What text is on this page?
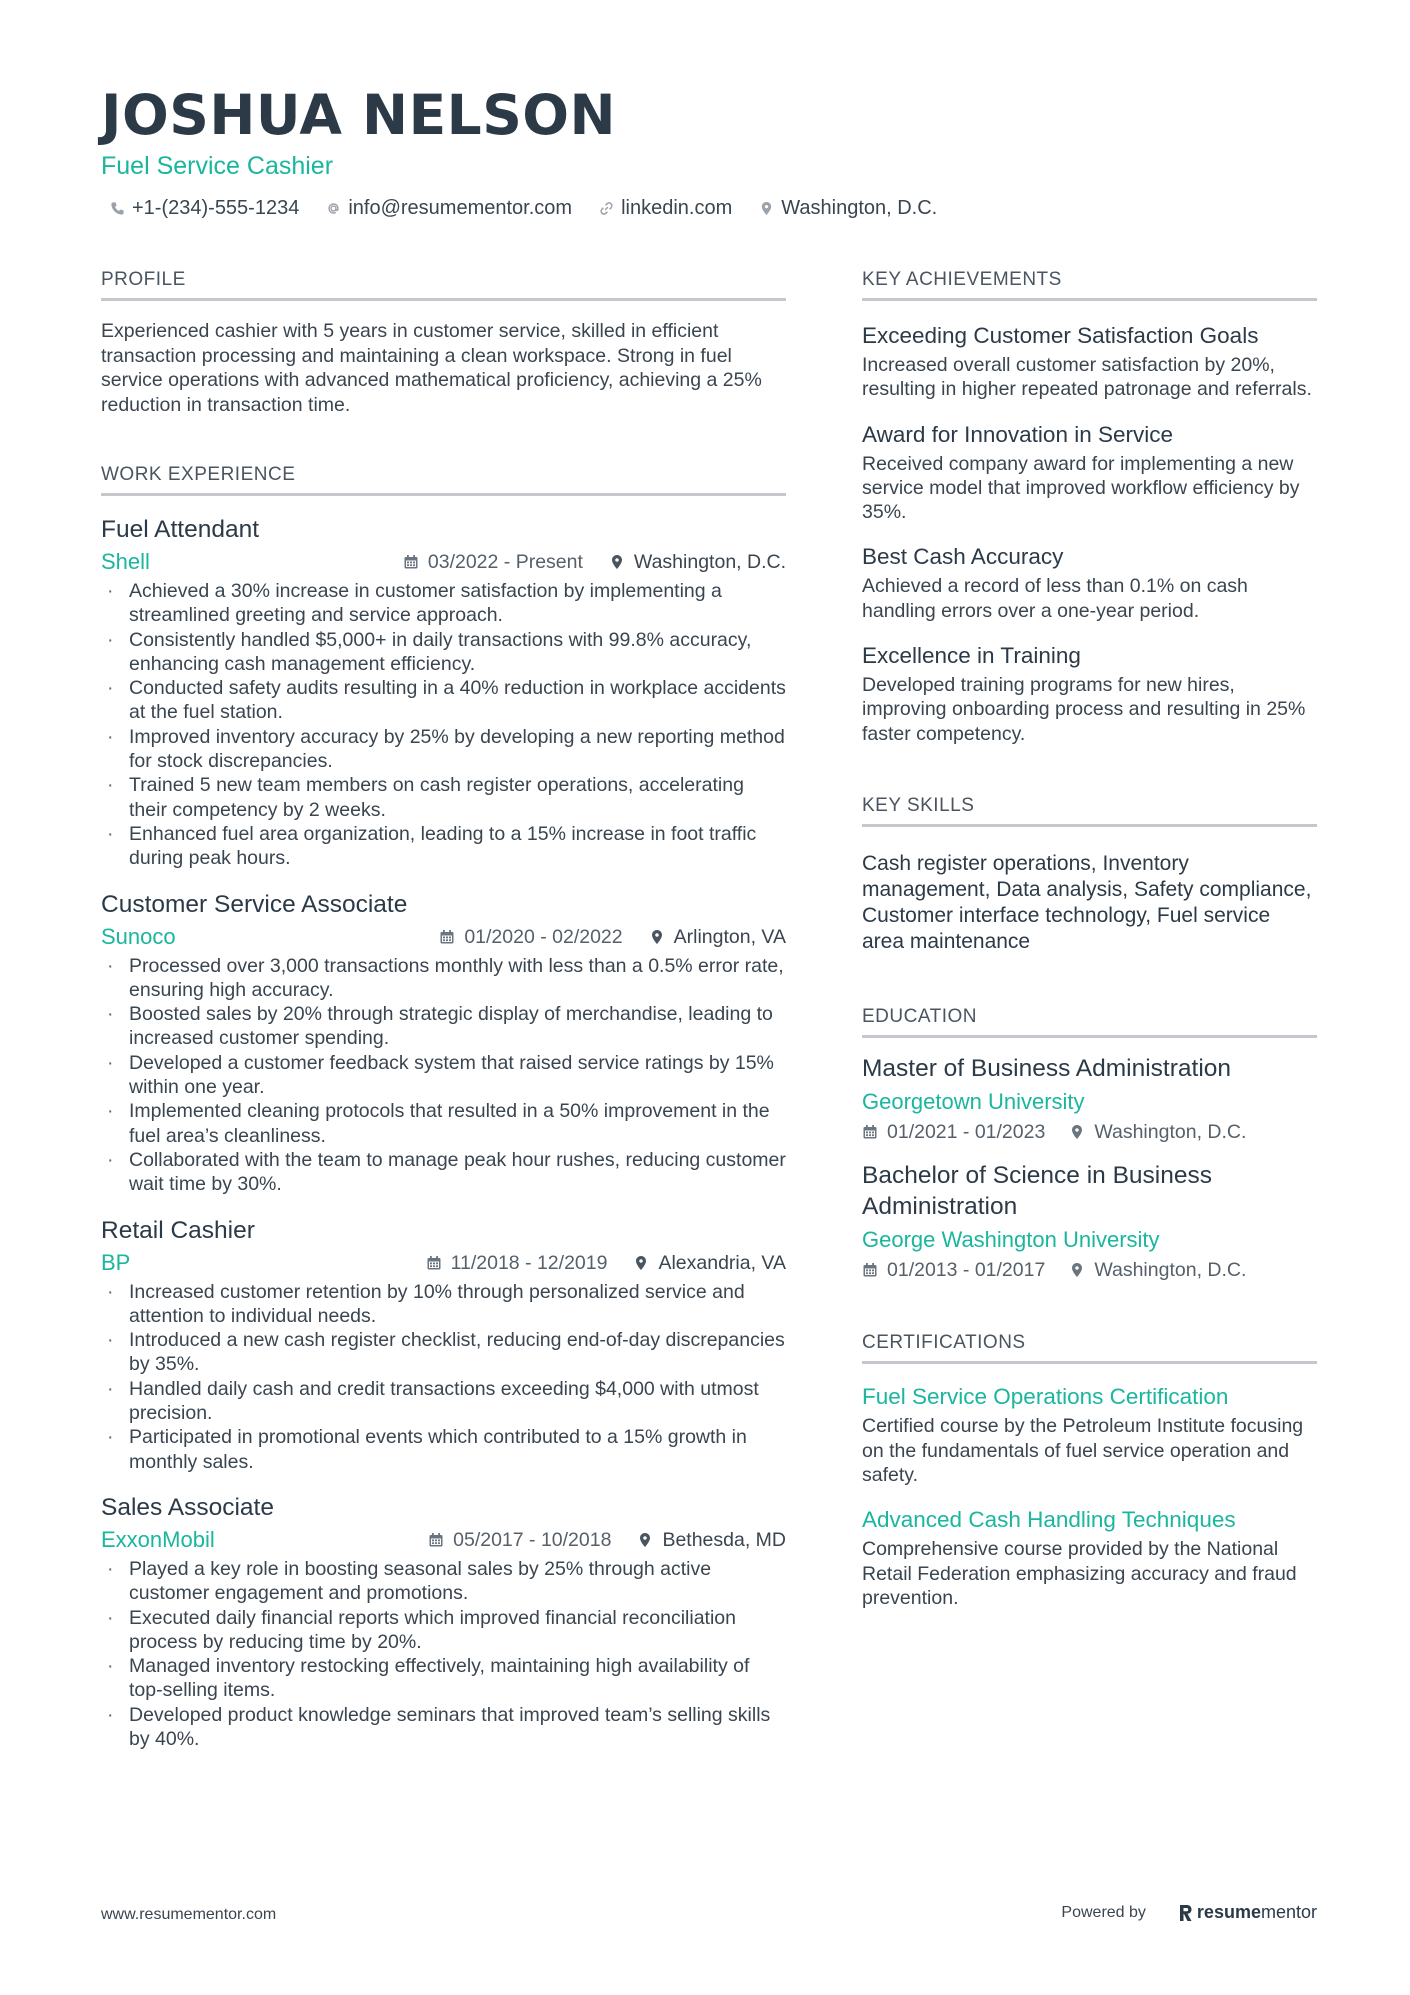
JOSHUA NELSON
Fuel Service Cashier
+1-(234)-555-1234 info@resumementor.com linkedin.com Washington, D.C.
PROFILE
Experienced cashier with 5 years in customer service, skilled in efficient transaction processing and maintaining a clean workspace. Strong in fuel service operations with advanced mathematical proficiency, achieving a 25% reduction in transaction time.
WORK EXPERIENCE
Fuel Attendant
Shell	03/2022 - Present	Washington, D.C.
· Achieved a 30% increase in customer satisfaction by implementing a streamlined greeting and service approach.
· Consistently handled $5,000+ in daily transactions with 99.8% accuracy, enhancing cash management efficiency.
· Conducted safety audits resulting in a 40% reduction in workplace accidents at the fuel station.
· Improved inventory accuracy by 25% by developing a new reporting method for stock discrepancies.
· Trained 5 new team members on cash register operations, accelerating their competency by 2 weeks.
· Enhanced fuel area organization, leading to a 15% increase in foot traffic during peak hours.
Customer Service Associate
Sunoco	01/2020 - 02/2022	Arlington, VA
· Processed over 3,000 transactions monthly with less than a 0.5% error rate, ensuring high accuracy.
· Boosted sales by 20% through strategic display of merchandise, leading to increased customer spending.
· Developed a customer feedback system that raised service ratings by 15% within one year.
· Implemented cleaning protocols that resulted in a 50% improvement in the fuel area’s cleanliness.
· Collaborated with the team to manage peak hour rushes, reducing customer wait time by 30%.
Retail Cashier
BP	11/2018 - 12/2019	Alexandria, VA
· Increased customer retention by 10% through personalized service and attention to individual needs.
· Introduced a new cash register checklist, reducing end-of-day discrepancies by 35%.
· Handled daily cash and credit transactions exceeding $4,000 with utmost precision.
· Participated in promotional events which contributed to a 15% growth in monthly sales.
Sales Associate
ExxonMobil	05/2017 - 10/2018	Bethesda, MD
· Played a key role in boosting seasonal sales by 25% through active customer engagement and promotions.
· Executed daily financial reports which improved financial reconciliation process by reducing time by 20%.
· Managed inventory restocking effectively, maintaining high availability of top-selling items.
· Developed product knowledge seminars that improved team’s selling skills by 40%.
KEY ACHIEVEMENTS
Exceeding Customer Satisfaction Goals
Increased overall customer satisfaction by 20%, resulting in higher repeated patronage and referrals.
Award for Innovation in Service
Received company award for implementing a new service model that improved workflow efficiency by 35%.
Best Cash Accuracy
Achieved a record of less than 0.1% on cash handling errors over a one-year period.
Excellence in Training
Developed training programs for new hires, improving onboarding process and resulting in 25% faster competency.
KEY SKILLS
Cash register operations, Inventory management, Data analysis, Safety compliance, Customer interface technology, Fuel service area maintenance
EDUCATION
Master of Business Administration
Georgetown University
01/2021 - 01/2023	Washington, D.C.
Bachelor of Science in Business Administration
George Washington University
01/2013 - 01/2017	Washington, D.C.
CERTIFICATIONS
Fuel Service Operations Certification
Certified course by the Petroleum Institute focusing on the fundamentals of fuel service operation and safety.
Advanced Cash Handling Techniques
Comprehensive course provided by the National Retail Federation emphasizing accuracy and fraud prevention.
www.resumementor.com	Powered by	resume mentor
